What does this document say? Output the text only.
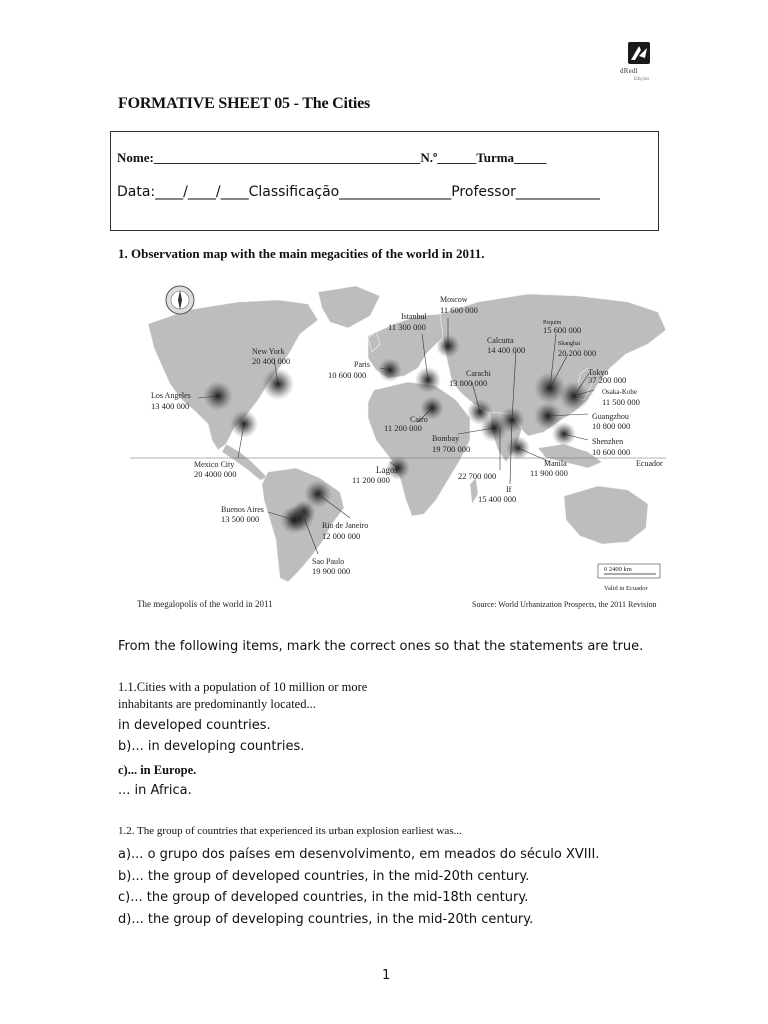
dRedl
Edições
FORMATIVE SHEET 05 - The Cities
Nome:_________________________________________N.º______Turma_____
Data:____/____/____Classificação________________Professor____________
1. Observation map with the main megacities of the world in 2011.
Moscow
11 600 000
Istanbul
11 300 000	Pequim
15 600 000
Calcutta
14 400 000
Shanghai
20 200 000
New York
20 400 000	Paris
10 600 000	Carachi
13 800 000
Tokyo
37 200 000
Osaka-Kobe
11 500 000
Los Angeles
13 400 000
Cairo
11 200 000
Guangzhou
10 800 000
Bombay
19 700 000
Shenzhen
10 600 000
Mexico City
20 4000 000
Manila
11 900 000
Lagos
11 200 000	22 700 000
If
15 400 000
Buenos Aires
13 500 000
Rio de Janeiro
12 000 000
Sao Paulo
19 900 000
Ecuador
0 2400 km
Valid in Ecuador
The megalopolis of the world in 2011	Source: World Urbanization Prospects, the 2011 Revision
From the following items, mark the correct ones so that the statements are true.
1.1.Cities with a population of 10 million or more
inhabitants are predominantly located...
in developed countries.
b)... in developing countries.
c)... in Europe.
... in Africa.
1.2. The group of countries that experienced its urban explosion earliest was...
a)... o grupo dos países em desenvolvimento, em meados do século XVIII.
b)... the group of developed countries, in the mid-20th century.
c)... the group of developed countries, in the mid-18th century.
d)... the group of developing countries, in the mid-20th century.
1
